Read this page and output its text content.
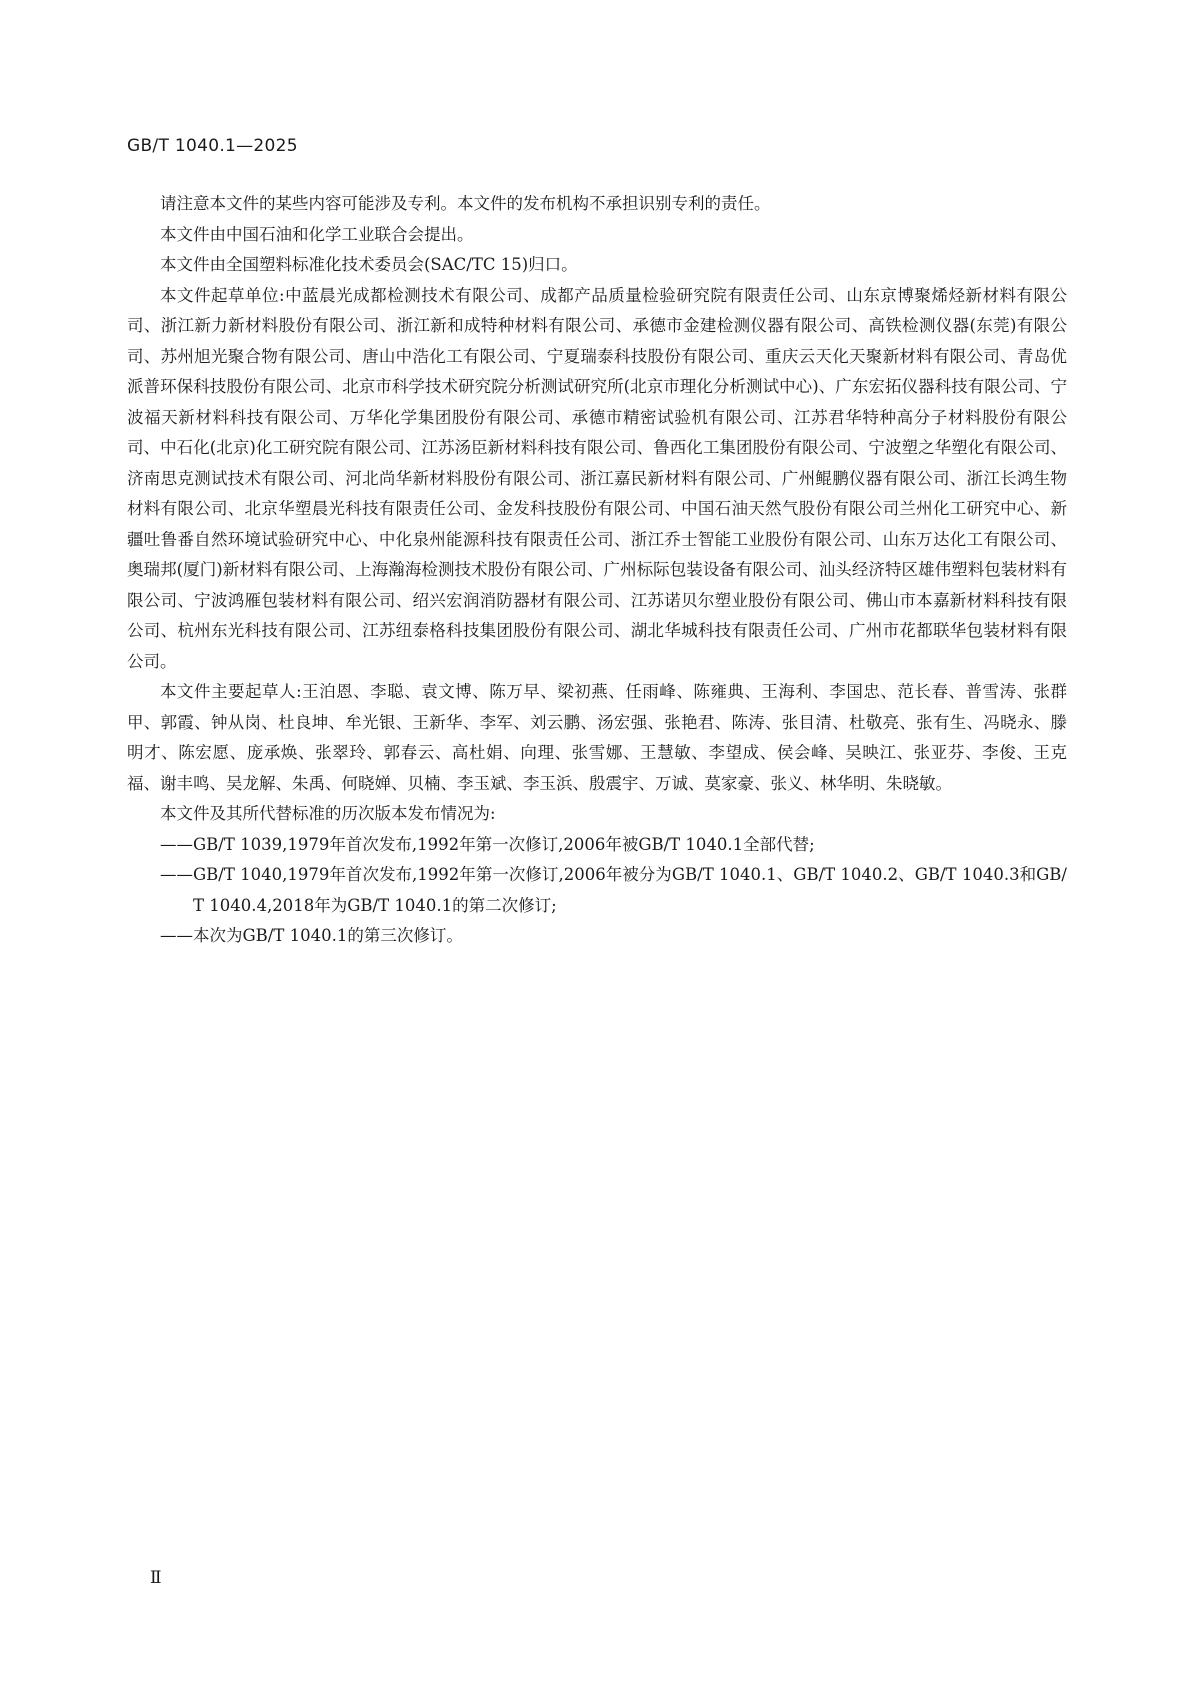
GB/T 1040.1—2025

请注意本文件的某些内容可能涉及专利。本文件的发布机构不承担识别专利的责任。

本文件由中国石油和化学工业联合会提出。

本文件由全国塑料标准化技术委员会(SAC/TC 15)归口。

本文件起草单位:中蓝晨光成都检测技术有限公司、成都产品质量检验研究院有限责任公司、山东京博聚烯烃新材料有限公司、浙江新力新材料股份有限公司、浙江新和成特种材料有限公司、承德市金建检测仪器有限公司、高铁检测仪器(东莞)有限公司、苏州旭光聚合物有限公司、唐山中浩化工有限公司、宁夏瑞泰科技股份有限公司、重庆云天化天聚新材料有限公司、青岛优派普环保科技股份有限公司、北京市科学技术研究院分析测试研究所(北京市理化分析测试中心)、广东宏拓仪器科技有限公司、宁波福天新材料科技有限公司、万华化学集团股份有限公司、承德市精密试验机有限公司、江苏君华特种高分子材料股份有限公司、中石化(北京)化工研究院有限公司、江苏汤臣新材料科技有限公司、鲁西化工集团股份有限公司、宁波塑之华塑化有限公司、济南思克测试技术有限公司、河北尚华新材料股份有限公司、浙江嘉民新材料有限公司、广州鲲鹏仪器有限公司、浙江长鸿生物材料有限公司、北京华塑晨光科技有限责任公司、金发科技股份有限公司、中国石油天然气股份有限公司兰州化工研究中心、新疆吐鲁番自然环境试验研究中心、中化泉州能源科技有限责任公司、浙江乔士智能工业股份有限公司、山东万达化工有限公司、奥瑞邦(厦门)新材料有限公司、上海瀚海检测技术股份有限公司、广州标际包装设备有限公司、汕头经济特区雄伟塑料包装材料有限公司、宁波鸿雁包装材料有限公司、绍兴宏润消防器材有限公司、江苏诺贝尔塑业股份有限公司、佛山市本嘉新材料科技有限公司、杭州东光科技有限公司、江苏纽泰格科技集团股份有限公司、湖北华城科技有限责任公司、广州市花都联华包装材料有限公司。

本文件主要起草人:王泊恩、李聪、袁文博、陈万早、梁初燕、任雨峰、陈雍典、王海利、李国忠、范长春、普雪涛、张群甲、郭霞、钟从岗、杜良坤、牟光银、王新华、李军、刘云鹏、汤宏强、张艳君、陈涛、张目清、杜敬亮、张有生、冯晓永、滕明才、陈宏愿、庞承焕、张翠玲、郭春云、高杜娟、向理、张雪娜、王慧敏、李望成、侯会峰、吴映江、张亚芬、李俊、王克福、谢丰鸣、吴龙解、朱禹、何晓婵、贝楠、李玉斌、李玉浜、殷震宇、万诚、莫家豪、张义、林华明、朱晓敏。

本文件及其所代替标准的历次版本发布情况为:

——GB/T 1039,1979年首次发布,1992年第一次修订,2006年被GB/T 1040.1全部代替;

——GB/T 1040,1979年首次发布,1992年第一次修订,2006年被分为GB/T 1040.1、GB/T 1040.2、GB/T 1040.3和GB/T 1040.4,2018年为GB/T 1040.1的第二次修订;

——本次为GB/T 1040.1的第三次修订。

Ⅱ
